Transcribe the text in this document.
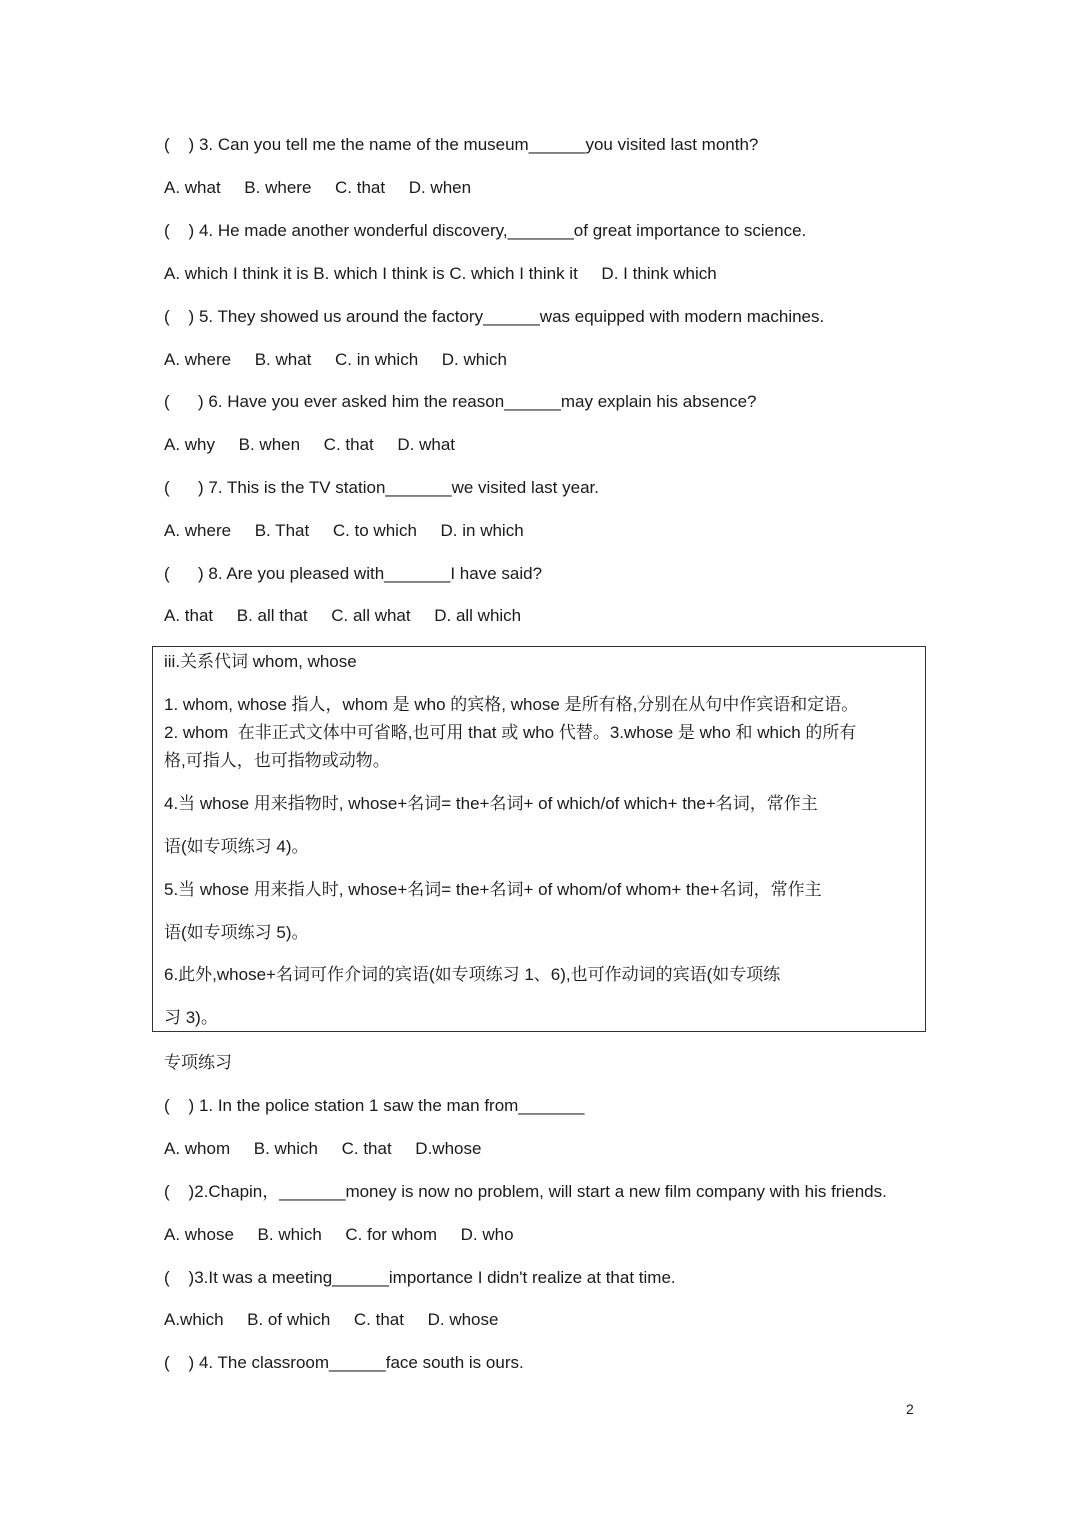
(    ) 3. Can you tell me the name of the museum______you visited last month?
A. what     B. where     C. that     D. when
(    ) 4. He made another wonderful discovery,_______of great importance to science.
A. which I think it is B. which I think is C. which I think it     D. I think which
(    ) 5. They showed us around the factory______was equipped with modern machines.
A. where     B. what     C. in which     D. which
(      ) 6. Have you ever asked him the reason______may explain his absence?
A. why     B. when     C. that     D. what
(      ) 7. This is the TV station_______we visited last year.
A. where     B. That     C. to which     D. in which
(      ) 8. Are you pleased with_______I have said?
A. that     B. all that     C. all what     D. all which
iii.关系代词 whom, whose
1. whom, whose 指人，whom 是 who 的宾格, whose 是所有格,分别在从句中作宾语和定语。
2. whom  在非正式文体中可省略,也可用 that 或 who 代替。3.whose 是 who 和 which 的所有
格,可指人，也可指物或动物。
4.当 whose 用来指物时, whose+名词= the+名词+ of which/of which+ the+名词，常作主
语(如专项练习 4)。
5.当 whose 用来指人时, whose+名词= the+名词+ of whom/of whom+ the+名词，常作主
语(如专项练习 5)。
6.此外,whose+名词可作介词的宾语(如专项练习 1、6),也可作动词的宾语(如专项练
习 3)。
专项练习
(    ) 1. In the police station 1 saw the man from_______
A. whom     B. which     C. that     D.whose
(    )2.Chapin，_______money is now no problem, will start a new film company with his friends.
A. whose     B. which     C. for whom     D. who
(    )3.It was a meeting______importance I didn't realize at that time.
A.which     B. of which     C. that     D. whose
(    ) 4. The classroom______face south is ours.
2
